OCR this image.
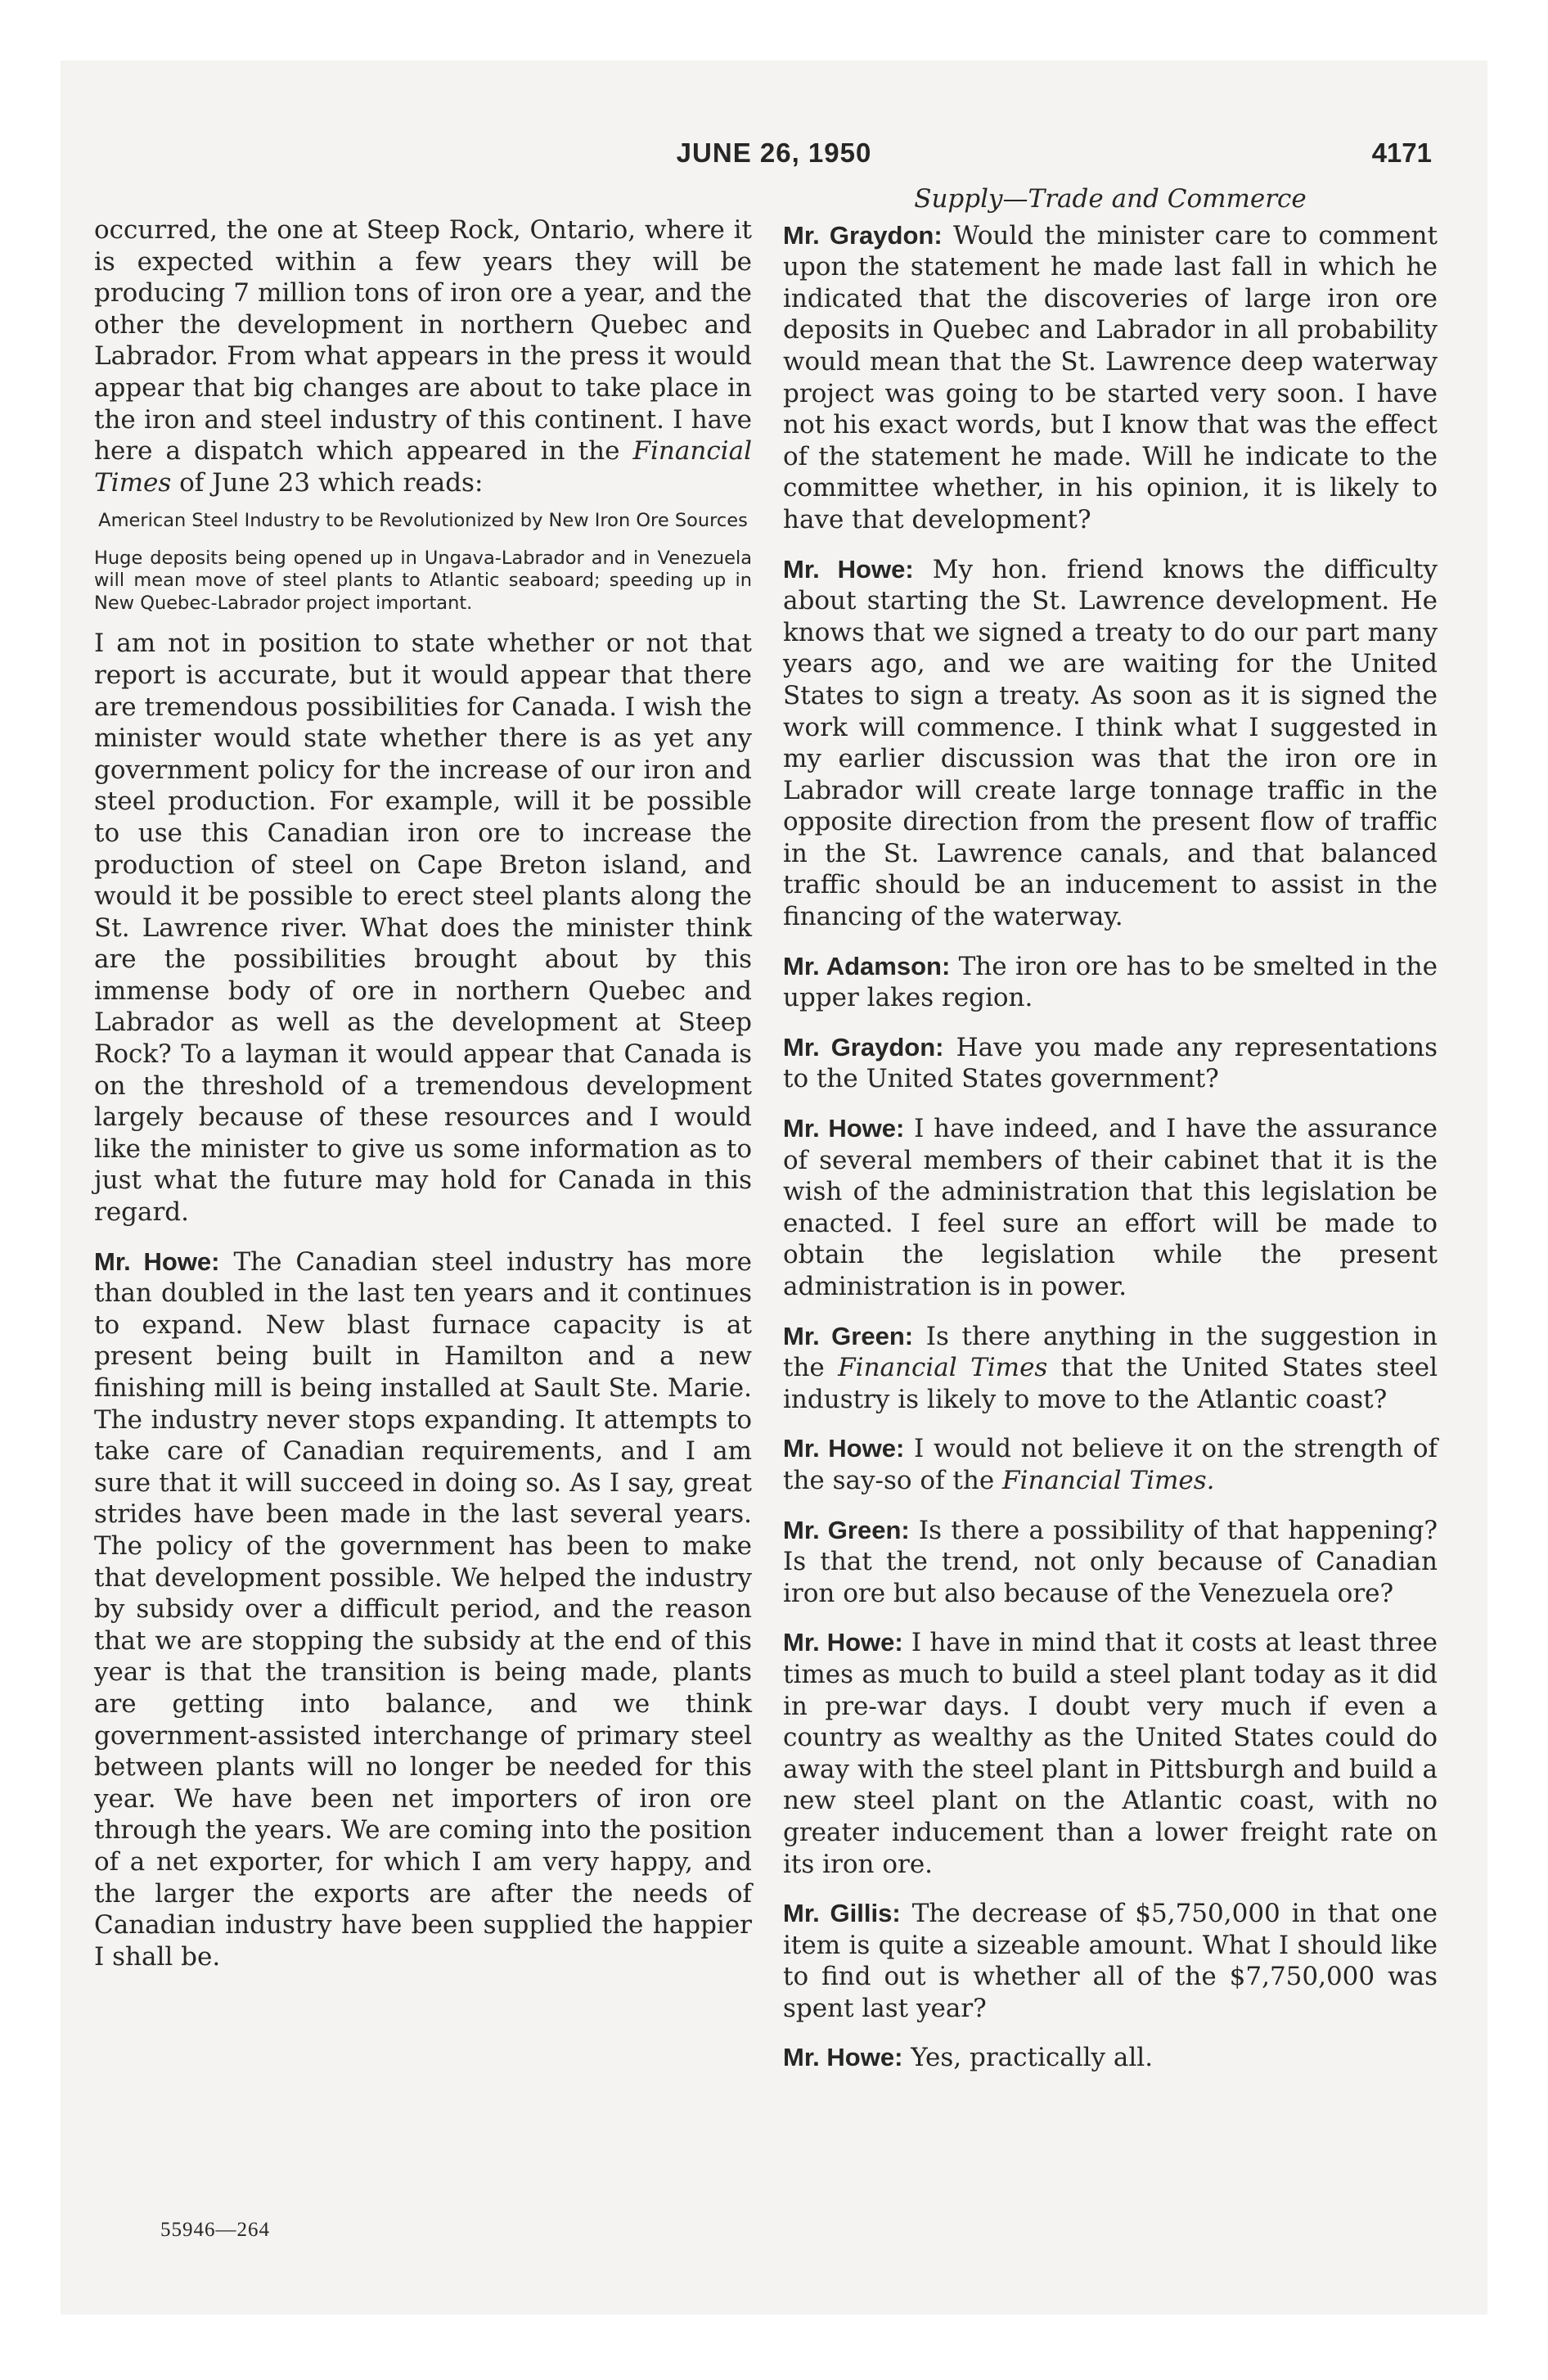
JUNE 26, 1950	4171

occurred, the one at Steep Rock, Ontario, where it is expected within a few years they will be producing 7 million tons of iron ore a year, and the other the development in northern Quebec and Labrador. From what appears in the press it would appear that big changes are about to take place in the iron and steel industry of this continent. I have here a dispatch which appeared in the Financial Times of June 23 which reads:

American Steel Industry to be Revolutionized by New Iron Ore Sources

Huge deposits being opened up in Ungava-Labrador and in Venezuela will mean move of steel plants to Atlantic seaboard; speeding up in New Quebec-Labrador project important.

I am not in position to state whether or not that report is accurate, but it would appear that there are tremendous possibilities for Canada. I wish the minister would state whether there is as yet any government policy for the increase of our iron and steel production. For example, will it be possible to use this Canadian iron ore to increase the production of steel on Cape Breton island, and would it be possible to erect steel plants along the St. Lawrence river. What does the minister think are the possibilities brought about by this immense body of ore in northern Quebec and Labrador as well as the development at Steep Rock? To a layman it would appear that Canada is on the threshold of a tremendous development largely because of these resources and I would like the minister to give us some information as to just what the future may hold for Canada in this regard.

Mr. Howe: The Canadian steel industry has more than doubled in the last ten years and it continues to expand. New blast furnace capacity is at present being built in Hamilton and a new finishing mill is being installed at Sault Ste. Marie. The industry never stops expanding. It attempts to take care of Canadian requirements, and I am sure that it will succeed in doing so. As I say, great strides have been made in the last several years. The policy of the government has been to make that development possible. We helped the industry by subsidy over a difficult period, and the reason that we are stopping the subsidy at the end of this year is that the transition is being made, plants are getting into balance, and we think government-assisted interchange of primary steel between plants will no longer be needed for this year. We have been net importers of iron ore through the years. We are coming into the position of a net exporter, for which I am very happy, and the larger the exports are after the needs of Canadian industry have been supplied the happier I shall be.

Supply—Trade and Commerce

Mr. Graydon: Would the minister care to comment upon the statement he made last fall in which he indicated that the discoveries of large iron ore deposits in Quebec and Labrador in all probability would mean that the St. Lawrence deep waterway project was going to be started very soon. I have not his exact words, but I know that was the effect of the statement he made. Will he indicate to the committee whether, in his opinion, it is likely to have that development?

Mr. Howe: My hon. friend knows the difficulty about starting the St. Lawrence development. He knows that we signed a treaty to do our part many years ago, and we are waiting for the United States to sign a treaty. As soon as it is signed the work will commence. I think what I suggested in my earlier discussion was that the iron ore in Labrador will create large tonnage traffic in the opposite direction from the present flow of traffic in the St. Lawrence canals, and that balanced traffic should be an inducement to assist in the financing of the waterway.

Mr. Adamson: The iron ore has to be smelted in the upper lakes region.

Mr. Graydon: Have you made any representations to the United States government?

Mr. Howe: I have indeed, and I have the assurance of several members of their cabinet that it is the wish of the administration that this legislation be enacted. I feel sure an effort will be made to obtain the legislation while the present administration is in power.

Mr. Green: Is there anything in the suggestion in the Financial Times that the United States steel industry is likely to move to the Atlantic coast?

Mr. Howe: I would not believe it on the strength of the say-so of the Financial Times.

Mr. Green: Is there a possibility of that happening? Is that the trend, not only because of Canadian iron ore but also because of the Venezuela ore?

Mr. Howe: I have in mind that it costs at least three times as much to build a steel plant today as it did in pre-war days. I doubt very much if even a country as wealthy as the United States could do away with the steel plant in Pittsburgh and build a new steel plant on the Atlantic coast, with no greater inducement than a lower freight rate on its iron ore.

Mr. Gillis: The decrease of $5,750,000 in that one item is quite a sizeable amount. What I should like to find out is whether all of the $7,750,000 was spent last year?

Mr. Howe: Yes, practically all.

55946—264
